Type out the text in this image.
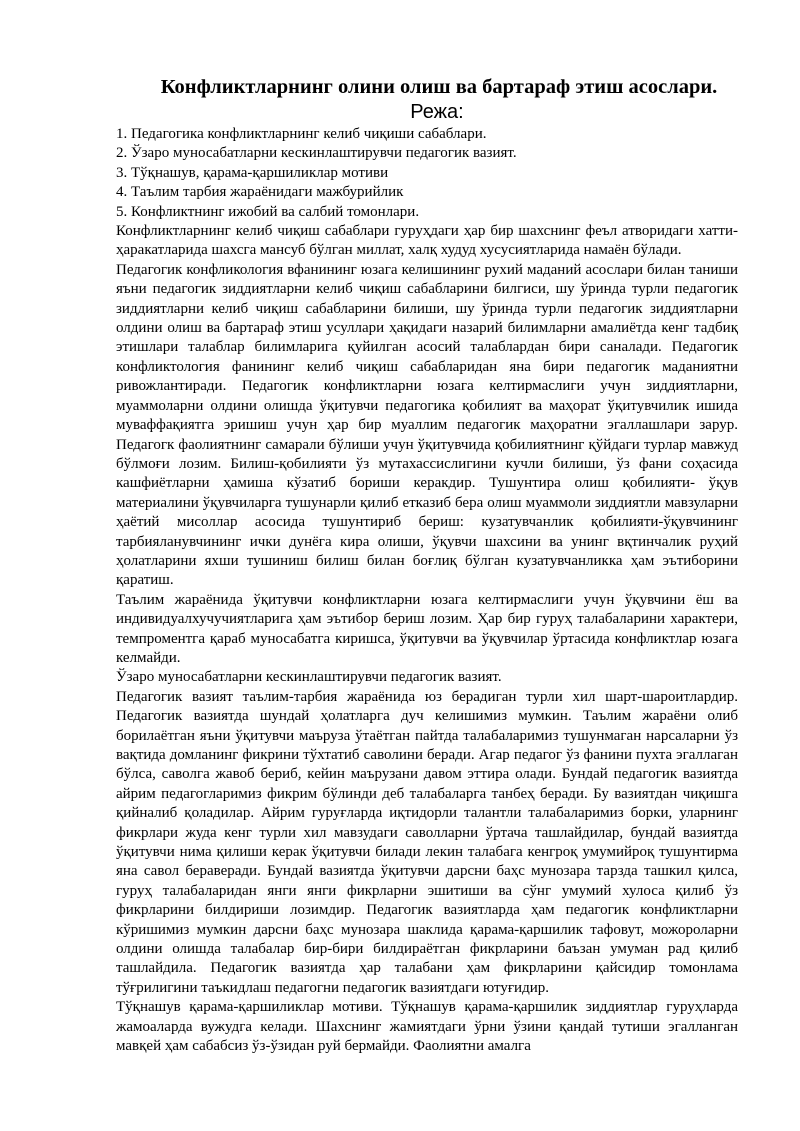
Конфликтларнинг олини олиш ва бартараф этиш асослари.
Режа:
1. Педагогика конфликтларнинг келиб чиқиши сабаблари.
2. Ўзаро муносабатларни кескинлаштирувчи педагогик вазият.
3. Тўқнашув, қарама-қаршиликлар мотиви
4. Таълим тарбия жараёнидаги мажбурийлик
5. Конфликтнинг ижобий ва салбий томонлари.

Конфликтларнинг келиб чиқиш сабаблари гуруҳдаги ҳар бир шахснинг феъл атворидаги хатти-ҳаракатларида шахсга мансуб бўлган миллат, халқ худуд хусусиятларида намаён бўлади.

Педагогик конфликология вфанининг юзага келишининг рухий маданий асослари билан таниши яъни педагогик зиддиятларни келиб чиқиш сабабларини билгиси, шу ўринда турли педагогик зиддиятларни келиб чиқиш сабабларини билиши, шу ўринда турли педагогик зиддиятларни олдини олиш ва бартараф этиш усуллари ҳақидаги назарий билимларни амалиётда кенг тадбиқ этишлари талаблар билимларига қуйилган асосий талаблардан бири саналади. Педагогик конфликтология фанининг келиб чиқиш сабабларидан яна бири педагогик маданиятни ривожлантиради. Педагогик конфликтларни юзага келтирмаслиги учун зиддиятларни, муаммоларни олдини олишда ўқитувчи педагогика қобилият ва маҳорат ўқитувчилик ишида муваффақиятга эришиш учун ҳар бир муаллим педагогик маҳоратни эгаллашлари зарур. Педагогк фаолиятнинг самарали бўлиши учун ўқитувчида қобилиятнинг қўйдаги турлар мавжуд бўлмоғи лозим. Билиш-қобилияти ўз мутахассислигини кучли билиши, ўз фани соҳасида кашфиётларни ҳамиша кўзатиб бориши керакдир. Тушунтира олиш қобилияти- ўқув материалини ўқувчиларга тушунарли қилиб етказиб бера олиш муаммоли зиддиятли мавзуларни ҳаётий мисоллар асосида тушунтириб бериш: кузатувчанлик қобилияти-ўқувчининг тарбияланувчининг ички дунёга кира олиши, ўқувчи шахсини ва унинг вқтинчалик руҳий ҳолатларини яхши тушиниш билиш билан боғлиқ бўлган кузатувчанликка ҳам эътиборини қаратиш.

Таълим жараёнида ўқитувчи конфликтларни юзага келтирмаслиги учун ўқувчини ёш ва индивидуалхучучиятларига ҳам эътибор бериш лозим. Ҳар бир гуруҳ талабаларини характери, темпроментга қараб муносабатга киришса, ўқитувчи ва ўқувчилар ўртасида конфликтлар юзага келмайди.

Ўзаро муносабатларни кескинлаштирувчи педагогик вазият.

Педагогик вазият таълим-тарбия жараёнида юз берадиган турли хил шарт-шароитлардир. Педагогик вазиятда шундай ҳолатларга дуч келишимиз мумкин. Таълим жараёни олиб борилаётган яъни ўқитувчи маъруза ўтаётган пайтда талабаларимиз тушунмаган нарсаларни ўз вақтида домланинг фикрини тўхтатиб саволини беради. Агар педагог ўз фанини пухта эгаллаган бўлса, саволга жавоб бериб, кейин маърузани давом эттира олади. Бундай педагогик вазиятда айрим педагогларимиз фикрим бўлинди деб талабаларга танбеҳ беради. Бу вазиятдан чиқишга қийналиб қоладилар. Айрим гуруғларда иқтидорли талантли талабаларимиз борки, уларнинг фикрлари жуда кенг турли хил мавзудаги саволларни ўртача ташлайдилар, бундай вазиятда ўқитувчи нима қилиши керак ўқитувчи билади лекин талабага кенгроқ умумийроқ тушунтирма яна савол бераверади. Бундай вазиятда ўқитувчи дарсни баҳс мунозара тарзда ташкил қилса, гуруҳ талабаларидан янги янги фикрларни эшитиши ва сўнг умумий хулоса қилиб ўз фикрларини билдириши лозимдир. Педагогик вазиятларда ҳам педагогик конфликтларни кўришимиз мумкин дарсни баҳс мунозара шаклида қарама-қаршилик тафовут, можороларни олдини олишда талабалар бир-бири билдираётган фикрларини баъзан умуман рад қилиб ташлайдила. Педагогик вазиятда ҳар талабани ҳам фикрларини қайсидир томонлама тўғрилигини таъкидлаш педагогни педагогик вазиятдаги ютуғидир.

Тўқнашув қарама-қаршиликлар мотиви. Тўқнашув қарама-қаршилик зиддиятлар гуруҳларда жамоаларда вужудга келади. Шахснинг жамиятдаги ўрни ўзини қандай тутиши эгалланган мавқей ҳам сабабсиз ўз-ўзидан руй бермайди. Фаолиятни амалга
